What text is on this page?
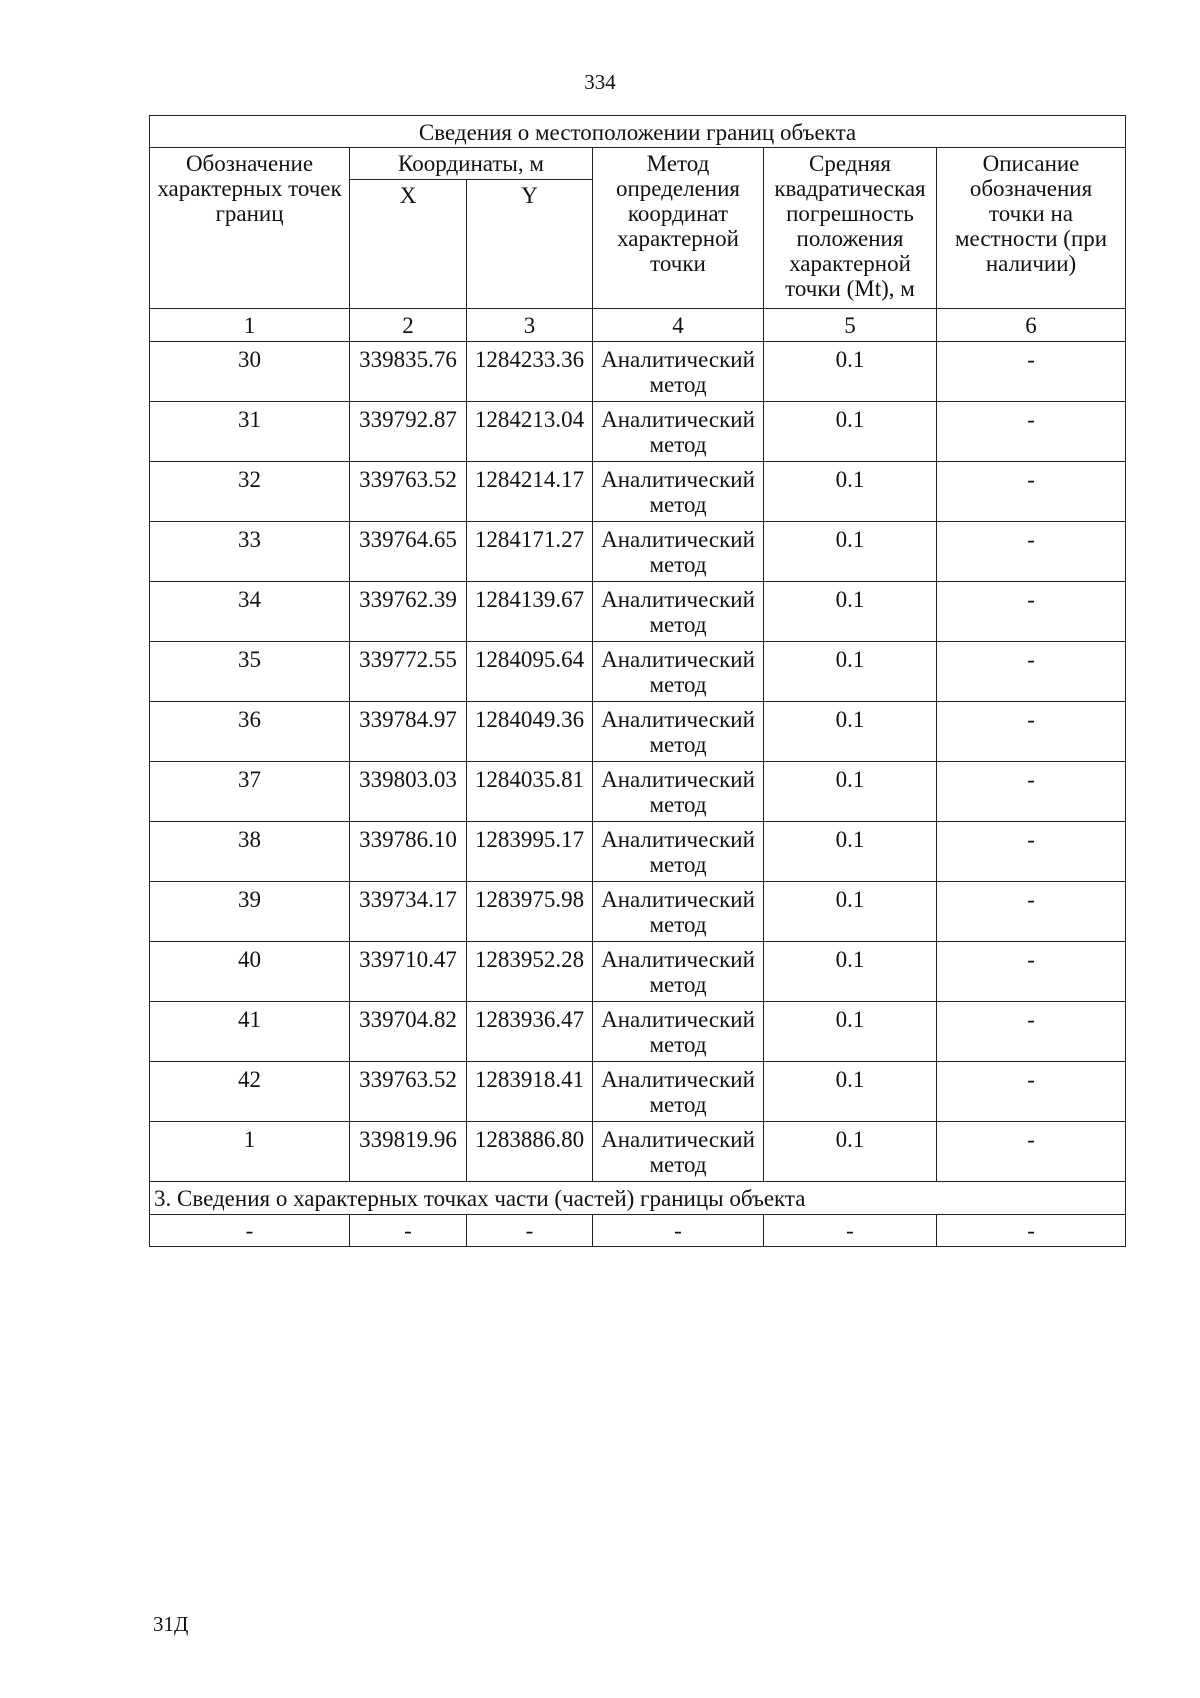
334
Сведения о местоположении границ объекта					
Обозначение характерных точек границ	Координаты, м		Метод определения координат характерной точки	Средняя квадратическая погрешность положения характерной точки (Mt), м	Описание обозначения точки на местности (при наличии)
	X	Y			
1	2	3	4	5	6
30	339835.76	1284233.36	Аналитический метод	0.1	-
31	339792.87	1284213.04	Аналитический метод	0.1	-
32	339763.52	1284214.17	Аналитический метод	0.1	-
33	339764.65	1284171.27	Аналитический метод	0.1	-
34	339762.39	1284139.67	Аналитический метод	0.1	-
35	339772.55	1284095.64	Аналитический метод	0.1	-
36	339784.97	1284049.36	Аналитический метод	0.1	-
37	339803.03	1284035.81	Аналитический метод	0.1	-
38	339786.10	1283995.17	Аналитический метод	0.1	-
39	339734.17	1283975.98	Аналитический метод	0.1	-
40	339710.47	1283952.28	Аналитический метод	0.1	-
41	339704.82	1283936.47	Аналитический метод	0.1	-
42	339763.52	1283918.41	Аналитический метод	0.1	-
1	339819.96	1283886.80	Аналитический метод	0.1	-
3. Сведения о характерных точках части (частей) границы объекта					
-	-	-	-	-	-
31Д
